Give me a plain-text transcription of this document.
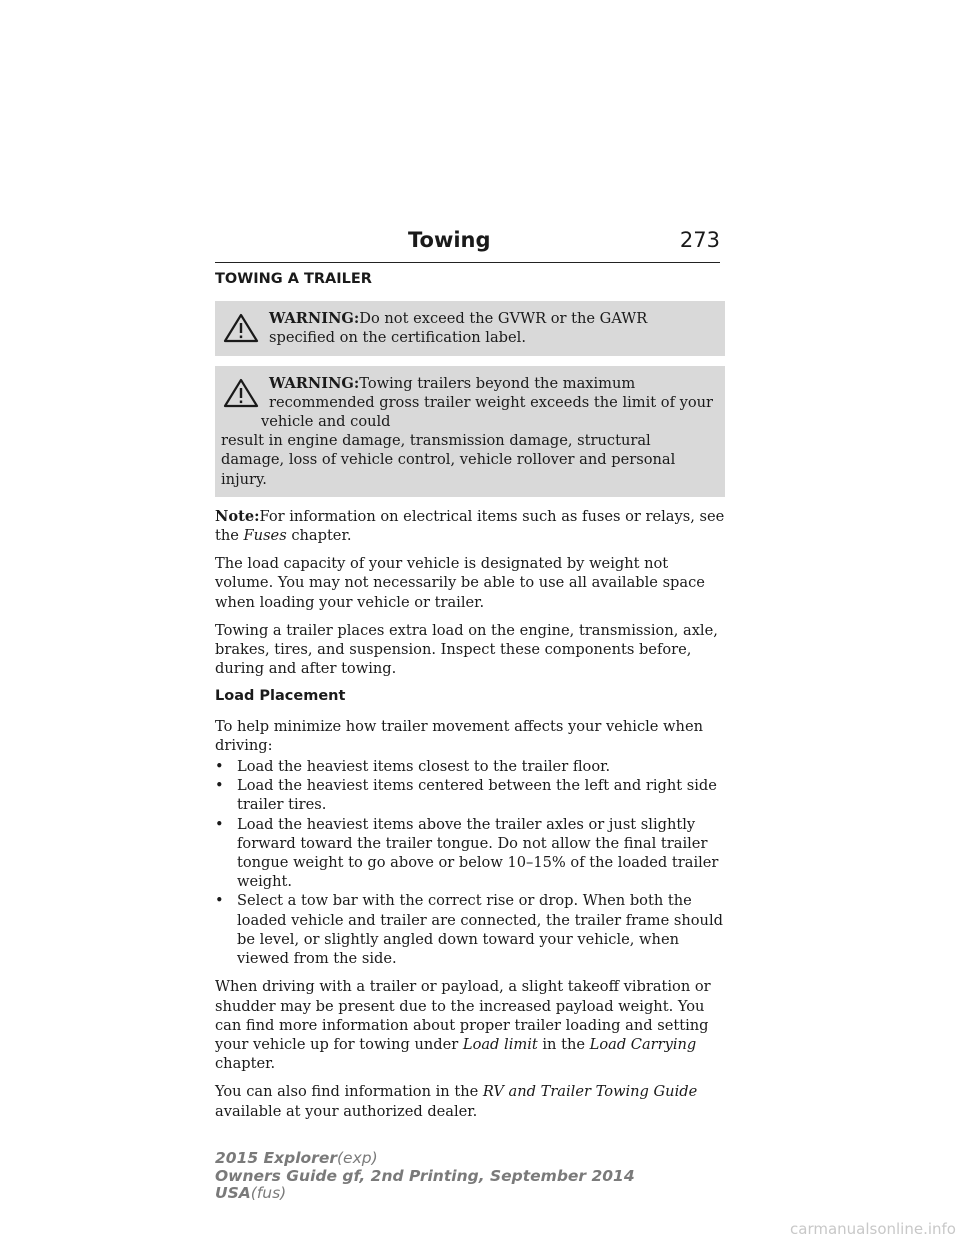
Towing	273
TOWING A TRAILER

WARNING:Do not exceed the GVWR or the GAWR specified on the certification label.

WARNING:Towing trailers beyond the maximum recommended gross trailer weight exceeds the limit of your vehicle and could

result in engine damage, transmission damage, structural damage, loss of vehicle control, vehicle rollover and personal injury.

Note:For information on electrical items such as fuses or relays, see the Fuses chapter.

The load capacity of your vehicle is designated by weight not volume. You may not necessarily be able to use all available space when loading your vehicle or trailer.

Towing a trailer places extra load on the engine, transmission, axle, brakes, tires, and suspension. Inspect these components before, during and after towing.

Load Placement

To help minimize how trailer movement affects your vehicle when driving:

• Load the heaviest items closest to the trailer floor.
• Load the heaviest items centered between the left and right side trailer tires.
• Load the heaviest items above the trailer axles or just slightly forward toward the trailer tongue. Do not allow the final trailer tongue weight to go above or below 10–15% of the loaded trailer weight.
• Select a tow bar with the correct rise or drop. When both the loaded vehicle and trailer are connected, the trailer frame should be level, or slightly angled down toward your vehicle, when viewed from the side.

When driving with a trailer or payload, a slight takeoff vibration or shudder may be present due to the increased payload weight. You can find more information about proper trailer loading and setting your vehicle up for towing under Load limit in the Load Carrying chapter.

You can also find information in the RV and Trailer Towing Guide available at your authorized dealer.

2015 Explorer(exp)
Owners Guide gf, 2nd Printing, September 2014
USA(fus)
carmanualsonline.info
